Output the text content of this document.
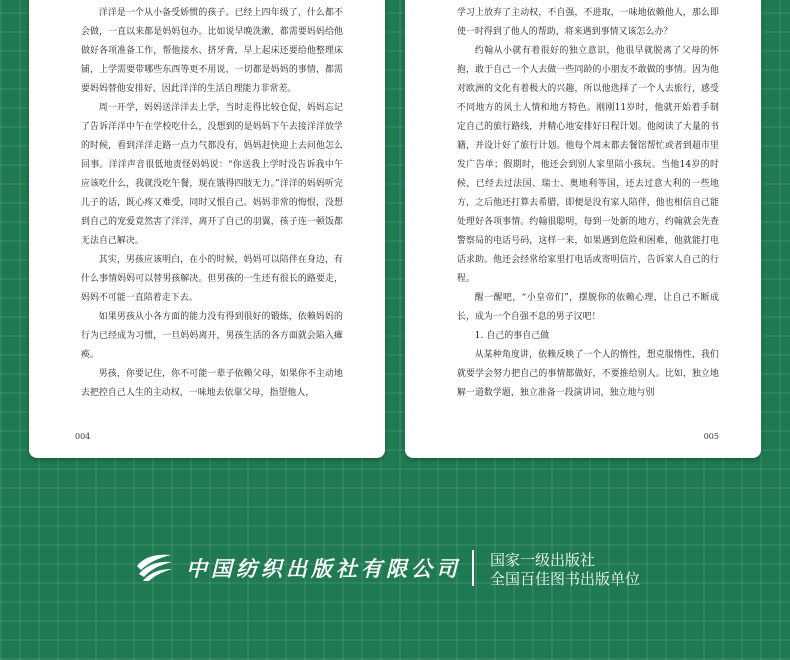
洋洋是一个从小备受娇惯的孩子。已经上四年级了，什么都不会做，一直以来都是妈妈包办。比如说早晚洗漱，都需要妈妈给他做好各项准备工作，帮他接水、挤牙膏，早上起床还要给他整理床铺，上学需要带哪些东西等更不用说，一切都是妈妈的事情，都需要妈妈替他安排好，因此洋洋的生活自理能力非常差。

周一开学，妈妈送洋洋去上学，当时走得比较仓促，妈妈忘记了告诉洋洋中午在学校吃什么，没想到的是妈妈下午去接洋洋放学的时候，看到洋洋走路一点力气都没有，妈妈赶快迎上去问他怎么回事。洋洋声音很低地责怪妈妈说：“你送我上学时没告诉我中午应该吃什么，我就没吃午餐，现在饿得四肢无力。”洋洋的妈妈听完儿子的话，既心疼又难受，同时又恨自己。妈妈非常的悔恨，没想到自己的宠爱竟然害了洋洋，离开了自己的羽翼，孩子连一顿饭都无法自己解决。

其实，男孩应该明白，在小的时候，妈妈可以陪伴在身边，有什么事情妈妈可以替男孩解决。但男孩的一生还有很长的路要走，妈妈不可能一直陪着走下去。

如果男孩从小各方面的能力没有得到很好的锻炼，依赖妈妈的行为已经成为习惯，一旦妈妈离开，男孩生活的各方面就会陷入瘫痪。

男孩，你要记住，你不可能一辈子依赖父母，如果你不主动地去把控自己人生的主动权，一味地去依靠父母，指望他人，

004

学习上放弃了主动权，不自强，不进取，一味地依赖他人，那么即使一时得到了他人的帮助，将来遇到事情又该怎么办？

约翰从小就有着很好的独立意识，他很早就脱离了父母的怀抱，敢于自己一个人去做一些同龄的小朋友不敢做的事情。因为他对欧洲的文化有着极大的兴趣，所以他选择了一个人去旅行，感受不同地方的风土人情和地方特色。刚刚11岁时，他就开始着手制定自己的旅行路线，并精心地安排好日程计划。他阅读了大量的书籍，并设计好了旅行计划。他每个周末都去餐馆帮忙或者到超市里发广告单；假期时，他还会到别人家里陪小孩玩。当他14岁的时候，已经去过法国、瑞士、奥地利等国，还去过意大利的一些地方，之后他还打算去希腊，即便是没有家人陪伴，他也相信自己能处理好各项事情。约翰很聪明，每到一处新的地方，约翰就会先查警察局的电话号码，这样一来，如果遇到危险和困难，他就能打电话求助。他还会经常给家里打电话或寄明信片，告诉家人自己的行程。

醒一醒吧，“小皇帝们”，摆脱你的依赖心理，让自己不断成长，成为一个自强不息的男子汉吧！

1. 自己的事自己做

从某种角度讲，依赖反映了一个人的惰性，想克服惰性，我们就要学会努力把自己的事情都做好，不要推给别人。比如，独立地解一道数学题，独立准备一段演讲词，独立地与别

005
中国纺织出版社有限公司 国家一级出版社
全国百佳图书出版单位
